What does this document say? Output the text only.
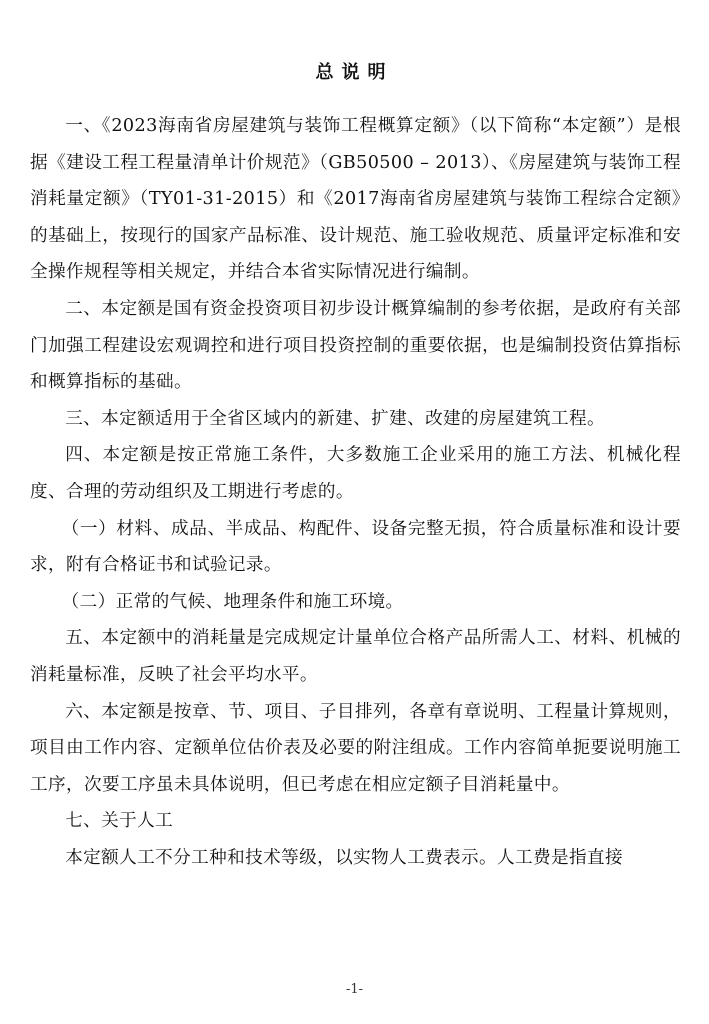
总说明

一、《2023海南省房屋建筑与装饰工程概算定额》（以下简称“本定额”）是根据《建设工程工程量清单计价规范》（GB50500 – 2013）、《房屋建筑与装饰工程消耗量定额》（TY01-31-2015）和《2017海南省房屋建筑与装饰工程综合定额》的基础上，按现行的国家产品标准、设计规范、施工验收规范、质量评定标准和安全操作规程等相关规定，并结合本省实际情况进行编制。

二、本定额是国有资金投资项目初步设计概算编制的参考依据，是政府有关部门加强工程建设宏观调控和进行项目投资控制的重要依据，也是编制投资估算指标和概算指标的基础。

三、本定额适用于全省区域内的新建、扩建、改建的房屋建筑工程。

四、本定额是按正常施工条件，大多数施工企业采用的施工方法、机械化程度、合理的劳动组织及工期进行考虑的。

（一）材料、成品、半成品、构配件、设备完整无损，符合质量标准和设计要求，附有合格证书和试验记录。

（二）正常的气候、地理条件和施工环境。

五、本定额中的消耗量是完成规定计量单位合格产品所需人工、材料、机械的消耗量标准，反映了社会平均水平。

六、本定额是按章、节、项目、子目排列，各章有章说明、工程量计算规则，项目由工作内容、定额单位估价表及必要的附注组成。工作内容简单扼要说明施工工序，次要工序虽未具体说明，但已考虑在相应定额子目消耗量中。

七、关于人工

本定额人工不分工种和技术等级，以实物人工费表示。人工费是指直接

-1-
